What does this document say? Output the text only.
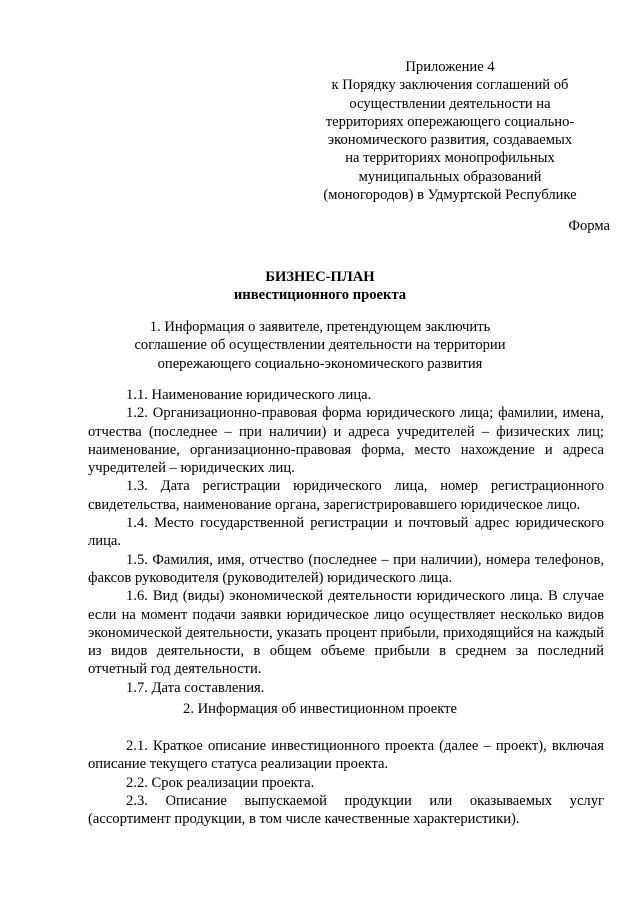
Приложение 4
к Порядку заключения соглашений об
осуществлении деятельности на
территориях опережающего социально-
экономического развития, создаваемых
на территориях монопрофильных
муниципальных образований
(моногородов) в Удмуртской Республике
Форма
БИЗНЕС-ПЛАН
инвестиционного проекта
1. Информация о заявителе, претендующем заключить
соглашение об осуществлении деятельности на территории
опережающего социально-экономического развития

1.1. Наименование юридического лица.

1.2. Организационно-правовая форма юридического лица; фамилии, имена, отчества (последнее – при наличии) и адреса учредителей – физических лиц; наименование, организационно-правовая форма, место нахождение и адреса учредителей – юридических лиц.

1.3. Дата регистрации юридического лица, номер регистрационного свидетельства, наименование органа, зарегистрировавшего юридическое лицо.

1.4. Место государственной регистрации и почтовый адрес юридического лица.

1.5. Фамилия, имя, отчество (последнее – при наличии), номера телефонов, факсов руководителя (руководителей) юридического лица.

1.6. Вид (виды) экономической деятельности юридического лица. В случае если на момент подачи заявки юридическое лицо осуществляет несколько видов экономической деятельности, указать процент прибыли, приходящийся на каждый из видов деятельности, в общем объеме прибыли в среднем за последний отчетный год деятельности.

1.7. Дата составления.

2. Информация об инвестиционном проекте

2.1. Краткое описание инвестиционного проекта (далее – проект), включая описание текущего статуса реализации проекта.

2.2. Срок реализации проекта.

2.3. Описание выпускаемой продукции или оказываемых услуг (ассортимент продукции, в том числе качественные характеристики).
